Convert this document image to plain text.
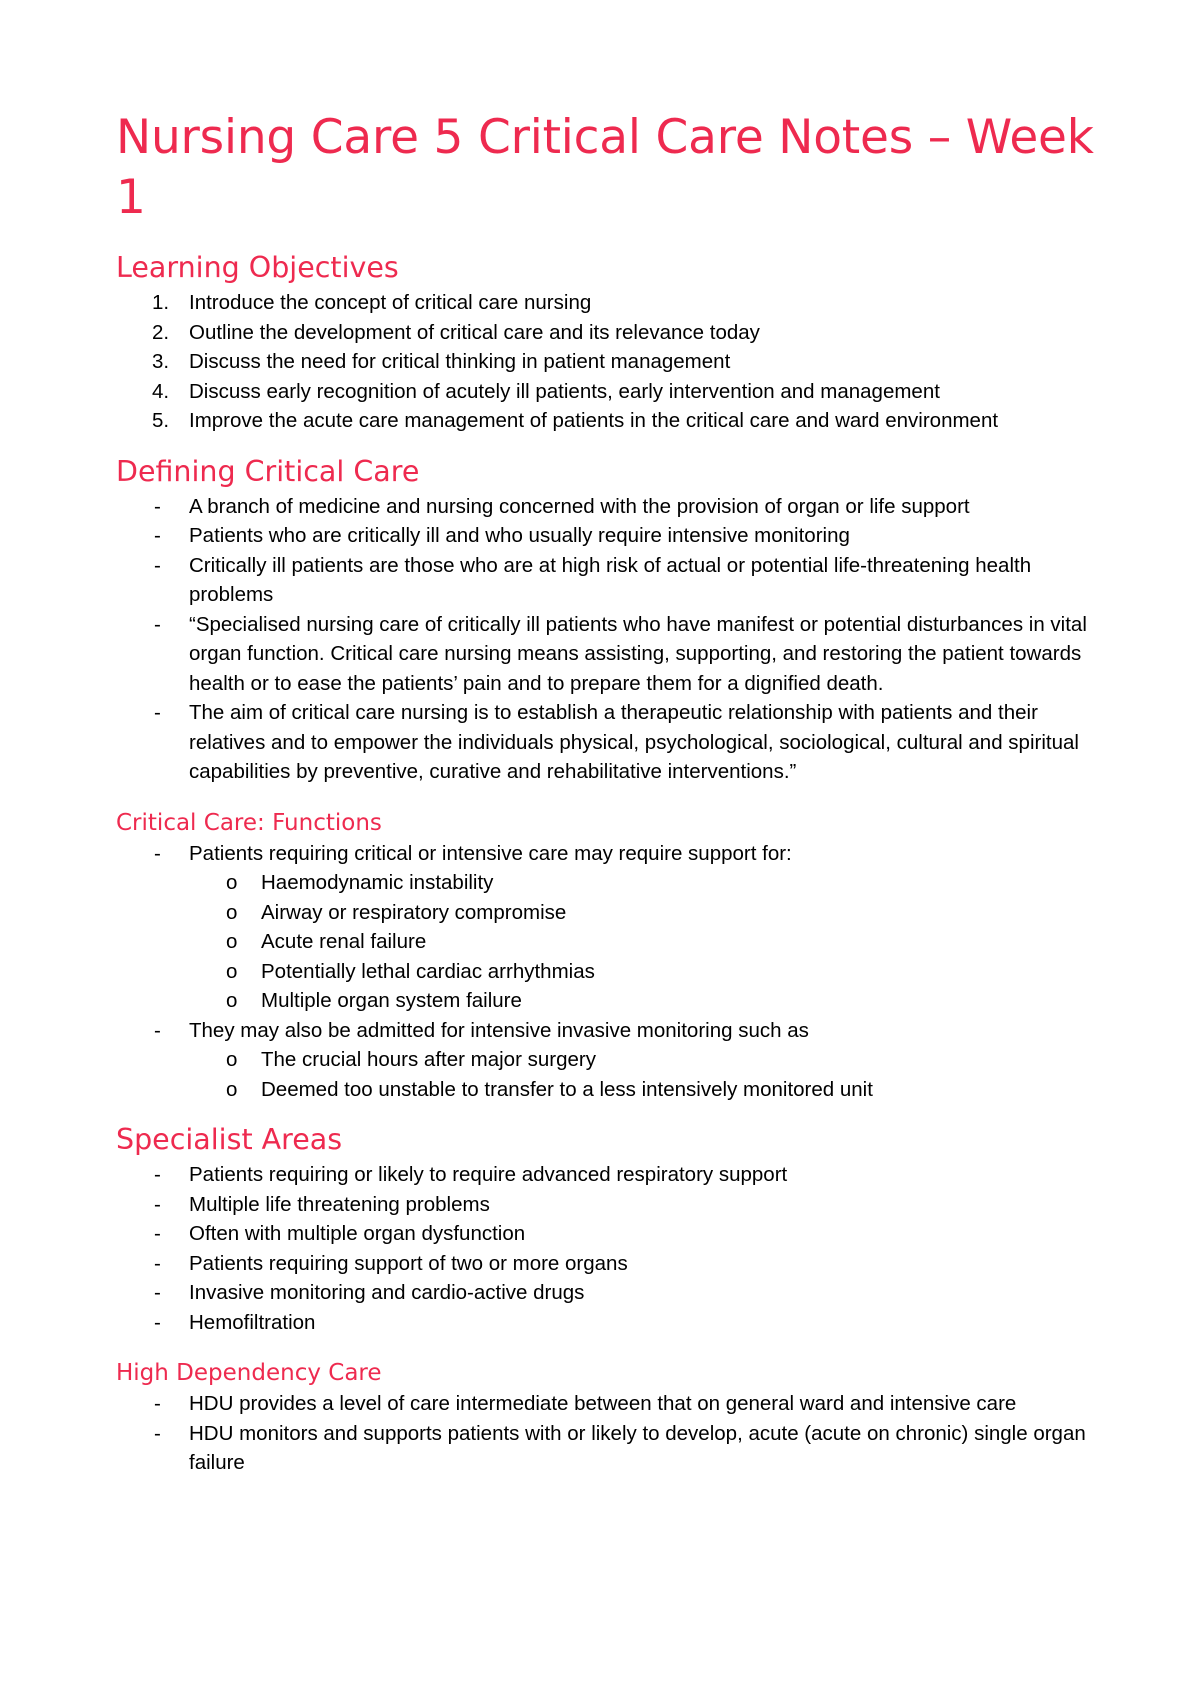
Nursing Care 5 Critical Care Notes – Week 1
Learning Objectives
1. Introduce the concept of critical care nursing
2. Outline the development of critical care and its relevance today
3. Discuss the need for critical thinking in patient management
4. Discuss early recognition of acutely ill patients, early intervention and management
5. Improve the acute care management of patients in the critical care and ward environment
Defining Critical Care
- A branch of medicine and nursing concerned with the provision of organ or life support
- Patients who are critically ill and who usually require intensive monitoring
- Critically ill patients are those who are at high risk of actual or potential life-threatening health problems
- “Specialised nursing care of critically ill patients who have manifest or potential disturbances in vital organ function. Critical care nursing means assisting, supporting, and restoring the patient towards health or to ease the patients’ pain and to prepare them for a dignified death.
- The aim of critical care nursing is to establish a therapeutic relationship with patients and their relatives and to empower the individuals physical, psychological, sociological, cultural and spiritual capabilities by preventive, curative and rehabilitative interventions.”
Critical Care: Functions
- Patients requiring critical or intensive care may require support for:
o Haemodynamic instability
o Airway or respiratory compromise
o Acute renal failure
o Potentially lethal cardiac arrhythmias
o Multiple organ system failure
- They may also be admitted for intensive invasive monitoring such as
o The crucial hours after major surgery
o Deemed too unstable to transfer to a less intensively monitored unit
Specialist Areas
- Patients requiring or likely to require advanced respiratory support
- Multiple life threatening problems
- Often with multiple organ dysfunction
- Patients requiring support of two or more organs
- Invasive monitoring and cardio-active drugs
- Hemofiltration
High Dependency Care
- HDU provides a level of care intermediate between that on general ward and intensive care
- HDU monitors and supports patients with or likely to develop, acute (acute on chronic) single organ failure
